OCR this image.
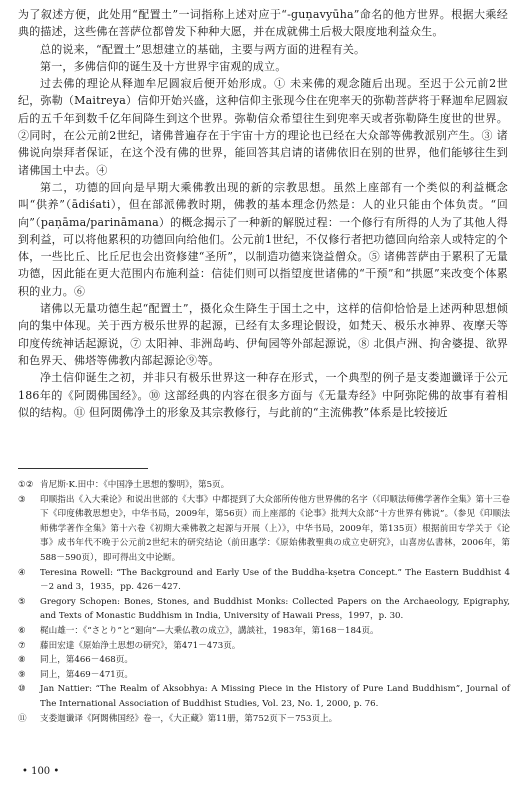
为了叙述方便，此处用“配置土”一词指称上述对应于“-guṇavyūha”命名的他方世界。根据大乘经典的描述，这些佛在菩萨位都曾发下种种大愿，并在成就佛土后极大限度地利益众生。

总的说来，“配置土”思想建立的基础，主要与两方面的进程有关。

第一，多佛信仰的诞生及十方世界宇宙观的成立。

过去佛的理论从释迦牟尼圆寂后便开始形成。① 未来佛的观念随后出现。至迟于公元前2世纪，弥勒（Maitreya）信仰开始兴盛，这种信仰主张现今住在兜率天的弥勒菩萨将于释迦牟尼圆寂后的五千年到数千亿年间降生到这个世界。弥勒信众希望往生到兜率天或者弥勒降生度世的世界。②同时，在公元前2世纪，诸佛普遍存在于宇宙十方的理论也已经在大众部等佛教派别产生。③ 诸佛说向崇拜者保证，在这个没有佛的世界，能回答其启请的诸佛依旧在别的世界，他们能够往生到诸佛国土中去。④

第二，功德的回向是早期大乘佛教出现的新的宗教思想。虽然上座部有一个类似的利益概念叫“供养”（ādiśati），但在部派佛教时期，佛教的基本理念仍然是：人的业只能由个体负责。“回向”（paṇāma/parināmana）的概念揭示了一种新的解脱过程：一个修行有所得的人为了其他人得到利益，可以将他累积的功德回向给他们。公元前1世纪，不仅修行者把功德回向给亲人或特定的个体，一些比丘、比丘尼也会出资修建“圣所”，以制造功德来饶益僧众。⑤ 诸佛菩萨由于累积了无量功德，因此能在更大范围内布施利益：信徒们则可以指望度世诸佛的“干预”和“拱愿”来改变个体累积的业力。⑥

诸佛以无量功德生起“配置土”，摄化众生降生于国土之中，这样的信仰恰恰是上述两种思想倾向的集中体现。关于西方极乐世界的起源，已经有太多理论假设，如梵天、极乐水神界、夜摩天等印度传统神话起源说，⑦ 太阳神、非洲岛屿、伊甸园等外部起源说，⑧ 北俱卢洲、拘舍婆提、欲界和色界天、佛塔等佛教内部起源论⑨等。

净土信仰诞生之初，并非只有极乐世界这一种存在形式，一个典型的例子是支娄迦谶译于公元186年的《阿閦佛国经》。⑩ 这部经典的内容在很多方面与《无量寿经》中阿弥陀佛的故事有着相似的结构。⑪ 但阿閦佛净土的形象及其宗教修行，与此前的“主流佛教”体系是比较接近

①② 肯尼斯·K.田中：《中国净土思想的黎明》，第5页。
③	印顺指出《入大乘论》和说出世部的《大事》中都提到了大众部所传他方世界佛的名字（《印顺法师佛学著作全集》第十三卷下《印度佛教思想史》，中华书局，2009年，第56页）而上座部的《论事》批判大众部“十方世界有佛说”。（参见《印顺法师佛学著作全集》第十六卷《初期大乘佛教之起源与开展（上）》，中华书局，2009年，第135页）根据前田专学关于《论事》成书年代不晚于公元前2世纪末的研究结论（前田惠学：《原始佛教聖典の成立史研究》，山喜房仏書林，2006年，第588－590页），即可得出文中论断。
④	Teresina Rowell: “The Background and Early Use of the Buddha-kṣetra Concept.” The Eastern Buddhist 4－2 and 3，1935，pp. 426－427.
⑤	Gregory Schopen: Bones, Stones, and Buddhist Monks: Collected Papers on the Archaeology, Epigraphy, and Texts of Monastic Buddhism in India, University of Hawaii Press，1997，p. 30.
⑥	梶山雄一：《“さとり”と“廻向”—大乗仏教の成立》，講談社，1983年，第168－184页。
⑦	藤田宏達《原始浄土思想の研究》，第471－473页。
⑧	同上，第466－468页。
⑨	同上，第469－471页。
⑩	Jan Nattier: “The Realm of Aksobhya: A Missing Piece in the History of Pure Land Buddhism”, Journal of The International Association of Buddhist Studies, Vol. 23, No. 1, 2000, p. 76.
⑪	支娄迦谶译《阿閦佛国经》卷一，《大正藏》第11册，第752页下－753页上。
• 100 •
